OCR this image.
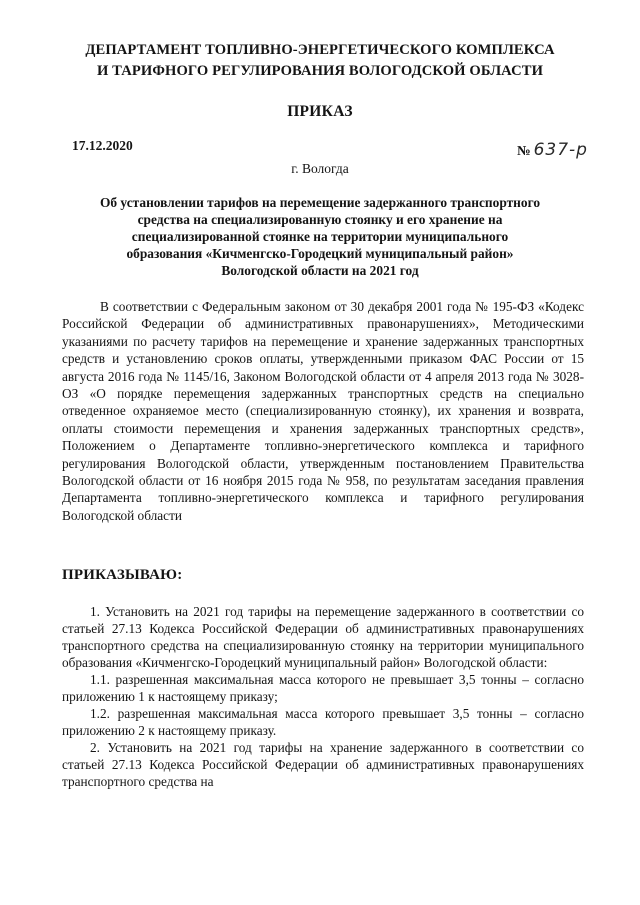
ДЕПАРТАМЕНТ ТОПЛИВНО-ЭНЕРГЕТИЧЕСКОГО КОМПЛЕКСА
И ТАРИФНОГО РЕГУЛИРОВАНИЯ ВОЛОГОДСКОЙ ОБЛАСТИ
ПРИКАЗ
17.12.2020	№ 637-р
г. Вологда
Об установлении тарифов на перемещение задержанного транспортного
средства на специализированную стоянку и его хранение на
специализированной стоянке на территории муниципального
образования «Кичменгско-Городецкий муниципальный район»
Вологодской области на 2021 год

В соответствии с Федеральным законом от 30 декабря 2001 года № 195-ФЗ «Кодекс Российской Федерации об административных правонарушениях», Методическими указаниями по расчету тарифов на перемещение и хранение задержанных транспортных средств и установлению сроков оплаты, утвержденными приказом ФАС России от 15 августа 2016 года № 1145/16, Законом Вологодской области от 4 апреля 2013 года № 3028-ОЗ «О порядке перемещения задержанных транспортных средств на специально отведенное охраняемое место (специализированную стоянку), их хранения и возврата, оплаты стоимости перемещения и хранения задержанных транспортных средств», Положением о Департаменте топливно-энергетического комплекса и тарифного регулирования Вологодской области, утвержденным постановлением Правительства Вологодской области от 16 ноября 2015 года № 958, по результатам заседания правления Департамента топливно-энергетического комплекса и тарифного регулирования Вологодской области

ПРИКАЗЫВАЮ:

1. Установить на 2021 год тарифы на перемещение задержанного в соответствии со статьей 27.13 Кодекса Российской Федерации об административных правонарушениях транспортного средства на специализированную стоянку на территории муниципального образования «Кичменгско-Городецкий муниципальный район» Вологодской области:

1.1. разрешенная максимальная масса которого не превышает 3,5 тонны – согласно приложению 1 к настоящему приказу;

1.2. разрешенная максимальная масса которого превышает 3,5 тонны – согласно приложению 2 к настоящему приказу.

2. Установить на 2021 год тарифы на хранение задержанного в соответствии со статьей 27.13 Кодекса Российской Федерации об административных правонарушениях транспортного средства на
